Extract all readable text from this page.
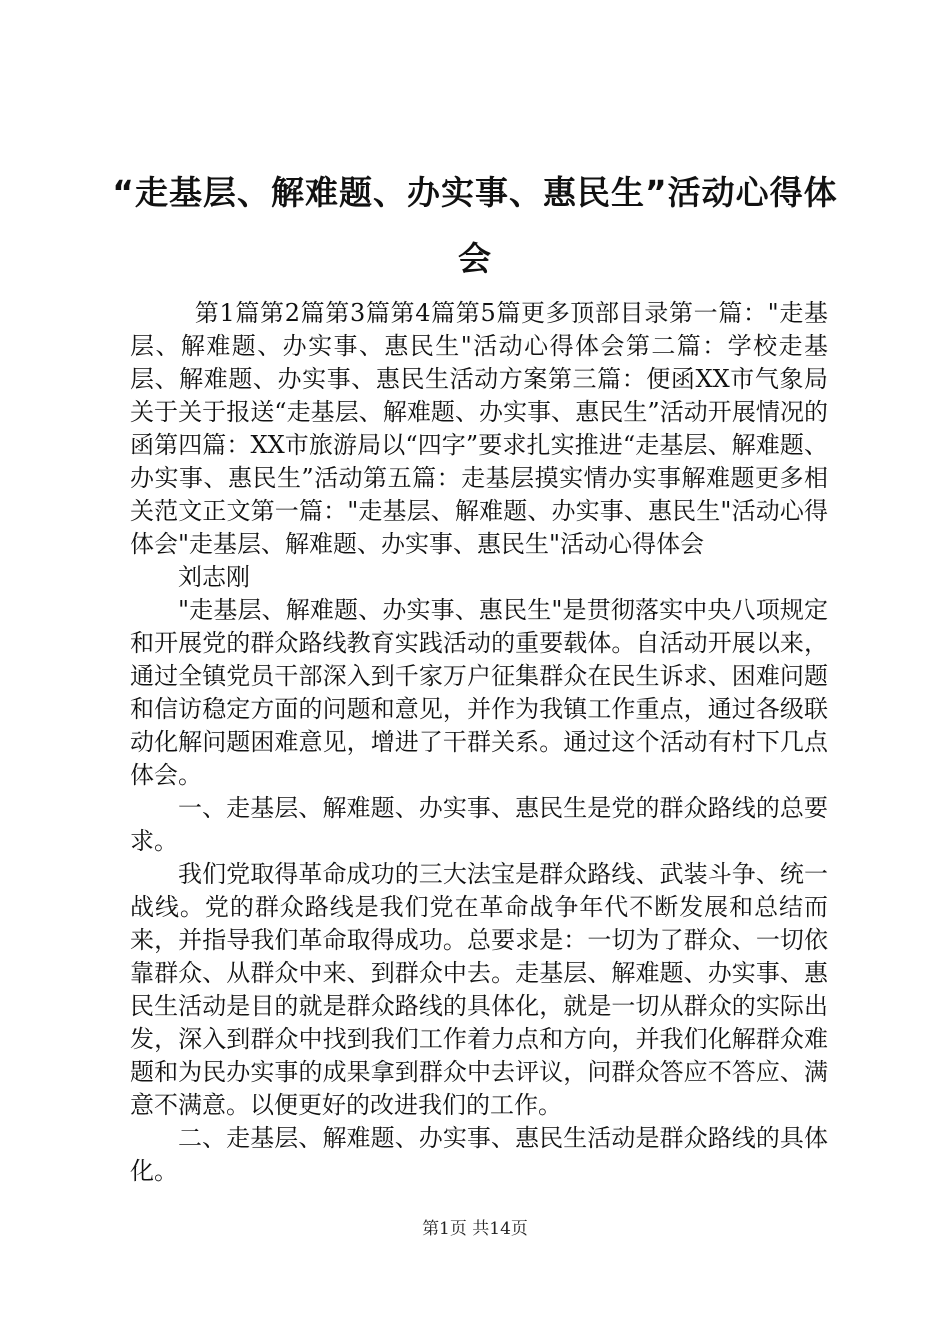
“走基层、解难题、办实事、惠民生”活动心得体会

第1篇第2篇第3篇第4篇第5篇更多顶部目录第一篇："走基层、解难题、办实事、惠民生"活动心得体会第二篇：学校走基层、解难题、办实事、惠民生活动方案第三篇：便函XX市气象局关于关于报送“走基层、解难题、办实事、惠民生”活动开展情况的函第四篇：XX市旅游局以“四字”要求扎实推进“走基层、解难题、办实事、惠民生”活动第五篇：走基层摸实情办实事解难题更多相关范文正文第一篇："走基层、解难题、办实事、惠民生"活动心得体会"走基层、解难题、办实事、惠民生"活动心得体会

刘志刚

"走基层、解难题、办实事、惠民生"是贯彻落实中央八项规定和开展党的群众路线教育实践活动的重要载体。自活动开展以来，通过全镇党员干部深入到千家万户征集群众在民生诉求、困难问题和信访稳定方面的问题和意见，并作为我镇工作重点，通过各级联动化解问题困难意见，增进了干群关系。通过这个活动有村下几点体会。

一、走基层、解难题、办实事、惠民生是党的群众路线的总要求。

我们党取得革命成功的三大法宝是群众路线、武装斗争、统一战线。党的群众路线是我们党在革命战争年代不断发展和总结而来，并指导我们革命取得成功。总要求是：一切为了群众、一切依靠群众、从群众中来、到群众中去。走基层、解难题、办实事、惠民生活动是目的就是群众路线的具体化，就是一切从群众的实际出发，深入到群众中找到我们工作着力点和方向，并我们化解群众难题和为民办实事的成果拿到群众中去评议，问群众答应不答应、满意不满意。以便更好的改进我们的工作。

二、走基层、解难题、办实事、惠民生活动是群众路线的具体化。

第1页 共14页
